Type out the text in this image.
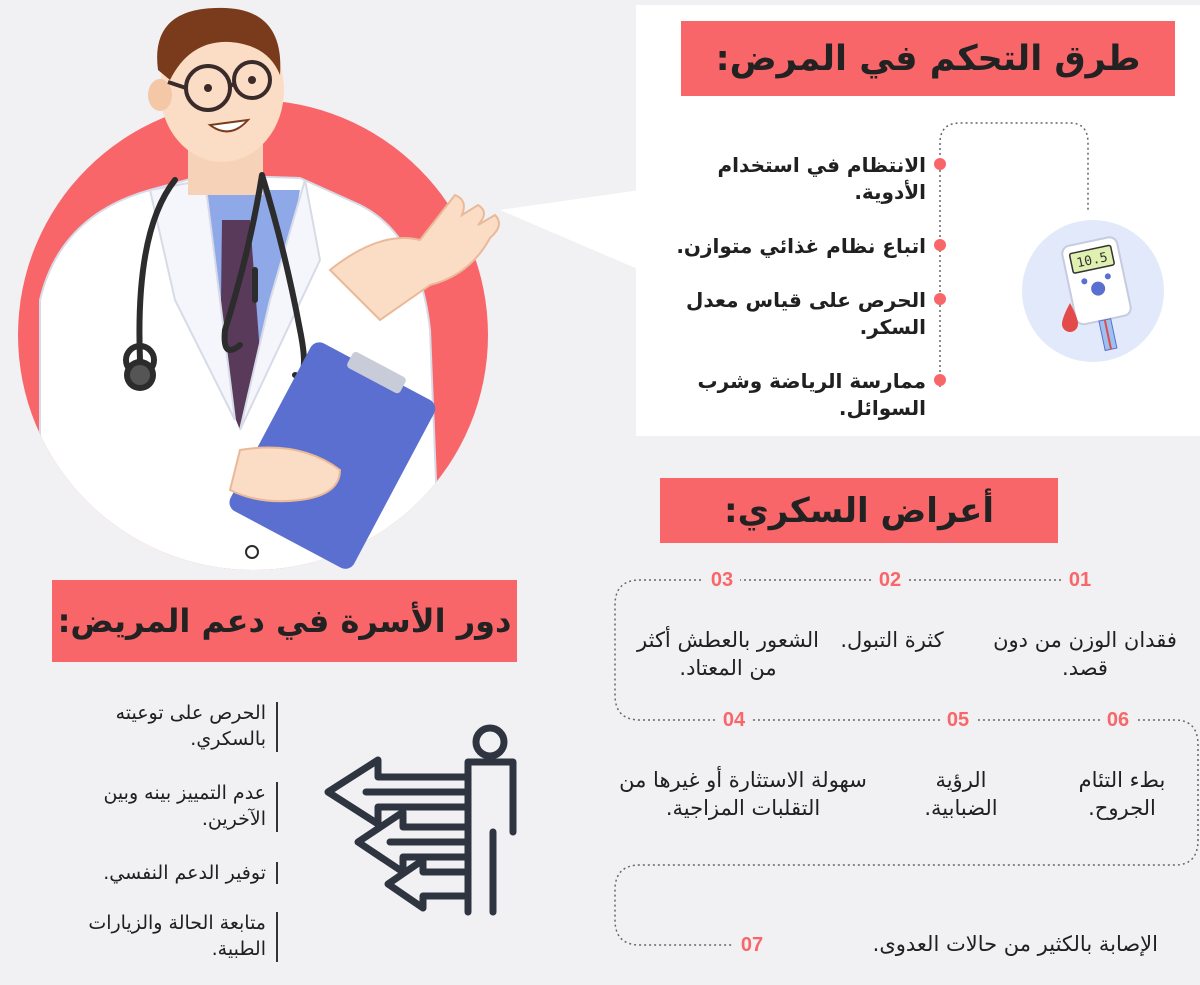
طرق التحكم في المرض:
الانتظام في استخدام الأدوية.
اتباع نظام غذائي متوازن.
الحرص على قياس معدل السكر.
ممارسة الرياضة وشرب السوائل.
10.5
أعراض السكري:
03	02	01
04	05	06
07
الشعور بالعطش أكثر من المعتاد.
كثرة التبول. فقدان الوزن من دون قصد.
سهولة الاستثارة أو غيرها من التقلبات المزاجية.
الرؤية الضبابية.
بطء التئام الجروح.
الإصابة بالكثير من حالات العدوى.
دور الأسرة في دعم المريض:
الحرص على توعيته بالسكري.
عدم التمييز بينه وبين الآخرين.
توفير الدعم النفسي.
متابعة الحالة والزيارات الطبية.
